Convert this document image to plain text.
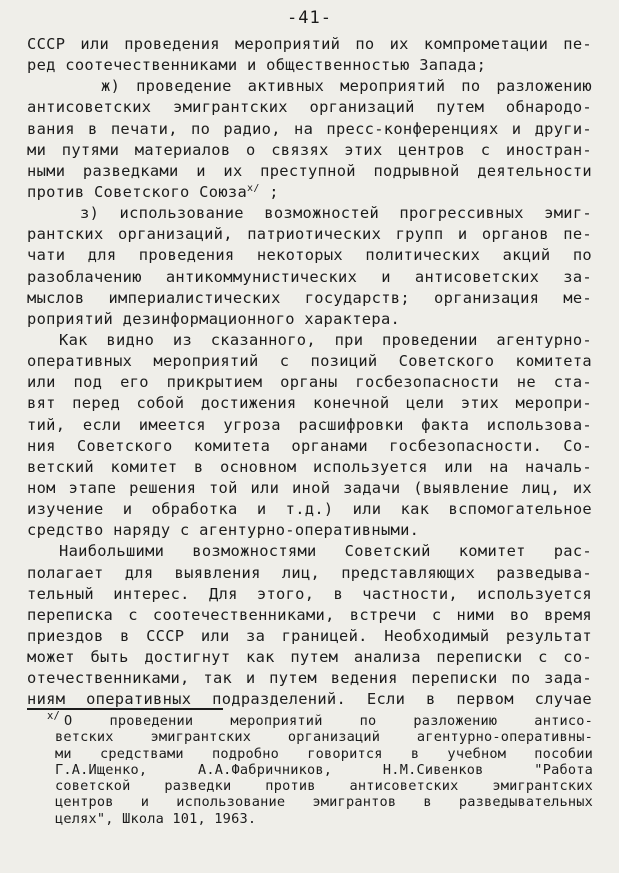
-41-
СССР или проведения мероприятий по их компрометации пе-
ред соотечественниками и общественностью Запада;
ж) проведение активных мероприятий по разложению
антисоветских эмигрантских организаций путем обнародо-
вания в печати, по радио, на пресс-конференциях и други-
ми путями материалов о связях этих центров с иностран-
ными разведками и их преступной подрывной деятельности
против Советского Союза$^{x/}$ ;
з) использование возможностей прогрессивных эмиг-
рантских организаций, патриотических групп и органов пе-
чати для проведения некоторых политических акций по
разоблачению антикоммунистических и антисоветских за-
мыслов империалистических государств; организация ме-
роприятий дезинформационного характера.
Как видно из сказанного, при проведении агентурно-
оперативных мероприятий с позиций Советского комитета
или под его прикрытием органы госбезопасности не ста-
вят перед собой достижения конечной цели этих меропри-
тий, если имеется угроза расшифровки факта использова-
ния Советского комитета органами госбезопасности. Со-
ветский комитет в основном используется или на началь-
ном этапе решения той или иной задачи (выявление лиц, их
изучение и обработка и т.д.) или как вспомогательное
средство наряду с агентурно-оперативными.
Наибольшими возможностями Советский комитет рас-
полагает для выявления лиц, представляющих разведыва-
тельный интерес. Для этого, в частности, используется
переписка с соотечественниками, встречи с ними во время
приездов в СССР или за границей. Необходимый результат
может быть достигнут как путем анализа переписки с со-
отечественниками, так и путем ведения переписки по зада-
ниям оперативных подразделений. Если в первом случае
$^{x/}$ О проведении мероприятий по разложению антисо-
ветских эмигрантских организаций агентурно-оперативны-
ми средствами подробно говорится в учебном пособии
Г.А.Ищенко, А.А.Фабричников, Н.М.Сивенков "Работа
советской разведки против антисоветских эмигрантских
центров и использование эмигрантов в разведывательных
целях", Школа 101, 1963.
